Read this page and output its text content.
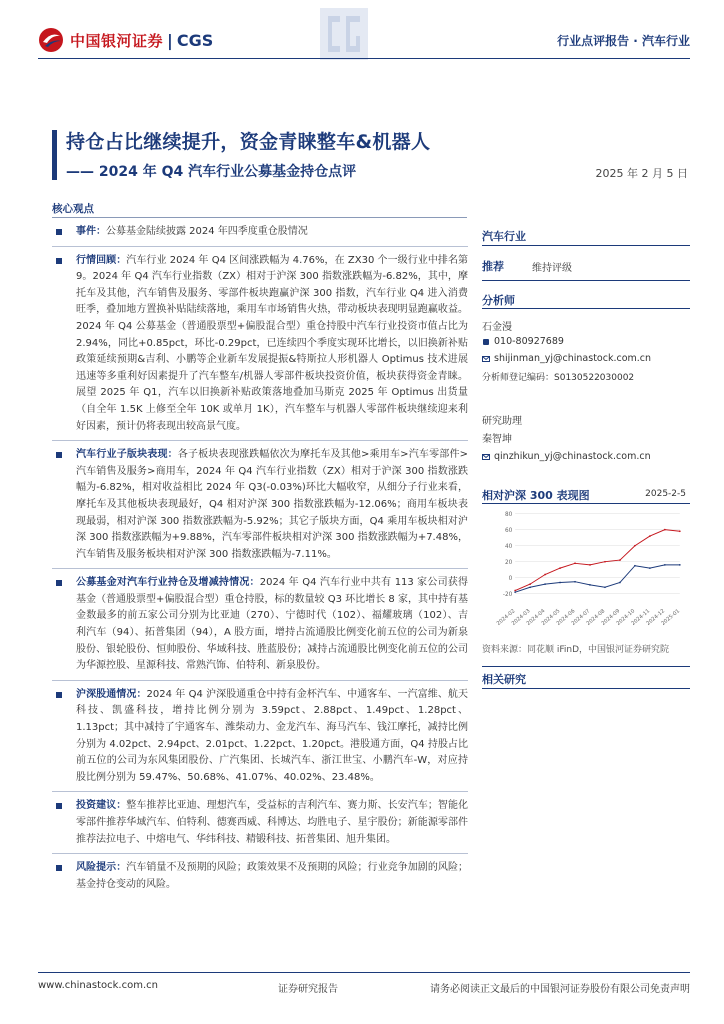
中国银河证券 | CGS	行业点评报告 · 汽车行业
持仓占比继续提升，资金青睐整车&机器人
—— 2024 年 Q4 汽车行业公募基金持仓点评	2025 年 2 月 5 日
核心观点
事件：公募基金陆续披露 2024 年四季度重仓股情况
行情回顾：汽车行业 2024 年 Q4 区间涨跌幅为 4.76%，在 ZX30 个一级行业中排名第 9。2024 年 Q4 汽车行业指数（ZX）相对于沪深 300 指数涨跌幅为-6.82%，其中，摩托车及其他，汽车销售及服务、零部件板块跑赢沪深 300 指数，汽车行业 Q4 进入消费旺季，叠加地方置换补贴陆续落地，乘用车市场销售火热，带动板块表现明显跑赢收益。2024 年 Q4 公募基金（普通股票型+偏股混合型）重仓持股中汽车行业投资市值占比为 2.94%，同比+0.85pct，环比-0.29pct，已连续四个季度实现环比增长，以旧换新补贴政策延续预期&吉利、小鹏等企业新车发展提振&特斯拉人形机器人 Optimus 技术进展迅速等多重利好因素提升了汽车整车/机器人零部件板块投资价值，板块获得资金青睐。展望 2025 年 Q1，汽车以旧换新补贴政策落地叠加马斯克 2025 年 Optimus 出货量（自全年 1.5K 上修至全年 10K 或单月 1K），汽车整车与机器人零部件板块继续迎来利好因素，预计仍将表现出较高景气度。
汽车行业子版块表现：各子板块表现涨跌幅依次为摩托车及其他>乘用车>汽车零部件>汽车销售及服务>商用车，2024 年 Q4 汽车行业指数（ZX）相对于沪深 300 指数涨跌幅为-6.82%，相对收益相比 2024 年 Q3(-0.03%)环比大幅收窄，从细分子行业来看，摩托车及其他板块表现最好，Q4 相对沪深 300 指数涨跌幅为-12.06%；商用车板块表现最弱，相对沪深 300 指数涨跌幅为-5.92%；其它子版块方面，Q4 乘用车板块相对沪深 300 指数涨跌幅为+9.88%，汽车零部件板块相对沪深 300 指数涨跌幅为+7.48%，汽车销售及服务板块相对沪深 300 指数涨跌幅为-7.11%。
公募基金对汽车行业持仓及增减持情况：2024 年 Q4 汽车行业中共有 113 家公司获得基金（普通股票型+偏股混合型）重仓持股，标的数量较 Q3 环比增长 8 家，其中持有基金数最多的前五家公司分别为比亚迪（270）、宁德时代（102）、福耀玻璃（102）、吉利汽车（94）、拓普集团（94），A 股方面，增持占流通股比例变化前五位的公司为新泉股份、银轮股份、恒帅股份、华域科技、胜蓝股份；减持占流通股比例变化前五位的公司为华源控股、星源科技、常熟汽饰、伯特利、新泉股份。
沪深股通情况：2024 年 Q4 沪深股通重仓中持有金杯汽车、中通客车、一汽富维、航天科技、凯盛科技，增持比例分别为 3.59pct、2.88pct、1.49pct、1.28pct、1.13pct；其中减持了宇通客车、潍柴动力、金龙汽车、海马汽车、钱江摩托，减持比例分别为 4.02pct、2.94pct、2.01pct、1.22pct、1.20pct。港股通方面，Q4 持股占比前五位的公司为东风集团股份、广汽集团、长城汽车、浙江世宝、小鹏汽车-W，对应持股比例分别为 59.47%、50.68%、41.07%、40.02%、23.48%。
投资建议：整车推荐比亚迪、理想汽车，受益标的吉利汽车、赛力斯、长安汽车；智能化零部件推荐华域汽车、伯特利、德赛西威、科博达、均胜电子、星宇股份；新能源零部件推荐法拉电子、中熔电气、华纬科技、精锻科技、拓普集团、旭升集团。
风险提示：汽车销量不及预期的风险；政策效果不及预期的风险；行业竞争加剧的风险；基金持仓变动的风险。
汽车行业
推荐	维持评级
分析师
石金漫
010-80927689
shijinman_yj@chinastock.com.cn
分析师登记编码：S0130522030002
研究助理
秦智坤
qinzhikun_yj@chinastock.com.cn
相对沪深 300 表现图	2025-2-5
-20
0
20
40
60
80
2024-02
2024-03
2024-04
2024-05
2024-06
2024-07
2024-08
2024-09
2024-10
2024-11
2024-12
2025-01
资料来源：同花顺 iFinD，中国银河证券研究院
相关研究
www.chinastock.com.cn	证券研究报告	请务必阅读正文最后的中国银河证券股份有限公司免责声明
